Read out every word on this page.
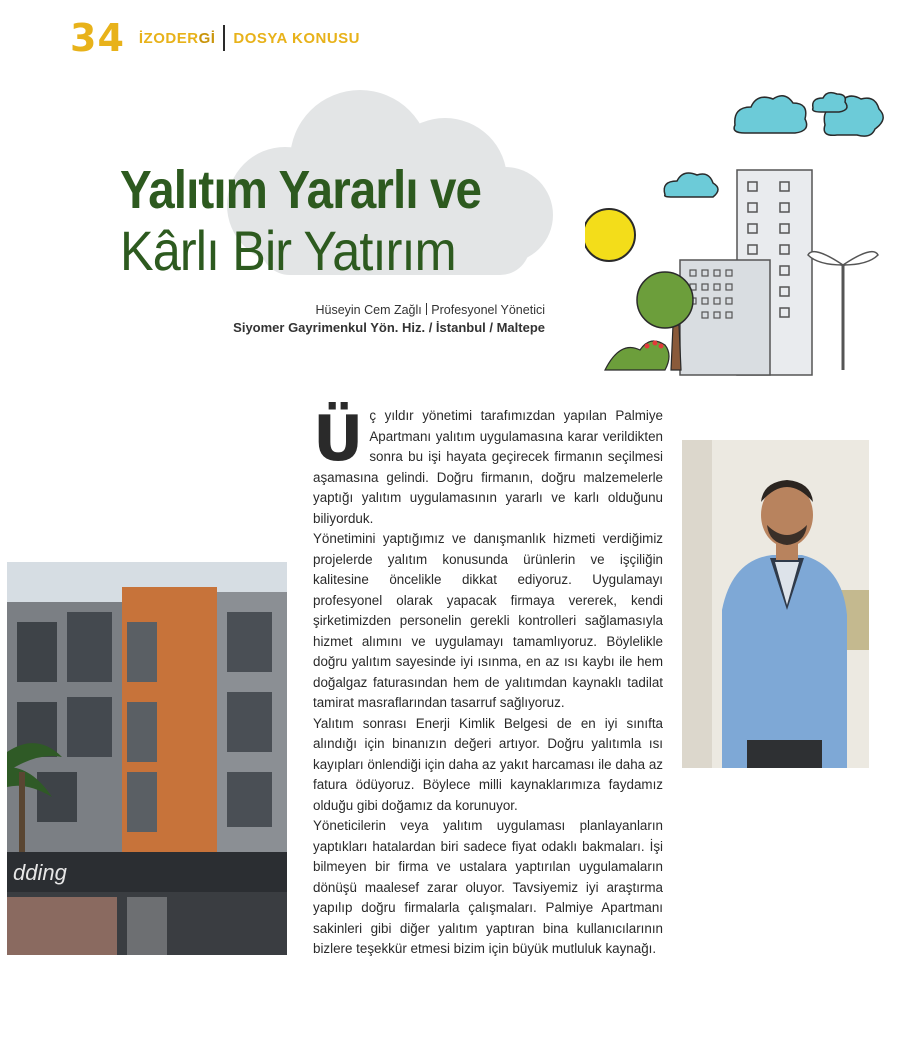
34 İZODERGİ DOSYA KONUSU
Yalıtım Yararlı ve
Kârlı Bir Yatırım
Hüseyin Cem Zağlı Profesyonel Yönetici
Siyomer Gayrimenkul Yön. Hiz. / İstanbul / Maltepe

Üç yıldır yönetimi tarafımızdan yapılan Palmiye Apartmanı yalıtım uygulamasına karar verildikten sonra bu işi hayata geçirecek firmanın seçilmesi aşamasına gelindi. Doğru firmanın, doğru malzemelerle yaptığı yalıtım uygulamasının yararlı ve karlı olduğunu biliyorduk.

Yönetimini yaptığımız ve danışmanlık hizmeti verdiğimiz projelerde yalıtım konusunda ürünlerin ve işçiliğin kalitesine öncelikle dikkat ediyoruz. Uygulamayı profesyonel olarak yapacak firmaya vererek, kendi şirketimizden personelin gerekli kontrolleri sağlamasıyla hizmet alımını ve uygulamayı tamamlıyoruz. Böylelikle doğru yalıtım sayesinde iyi ısınma, en az ısı kaybı ile hem doğalgaz faturasından hem de yalıtımdan kaynaklı tadilat tamirat masraflarından tasarruf sağlıyoruz.

Yalıtım sonrası Enerji Kimlik Belgesi de en iyi sınıfta alındığı için binanızın değeri artıyor. Doğru yalıtımla ısı kayıpları önlendiği için daha az yakıt harcaması ile daha az fatura ödüyoruz. Böylece milli kaynaklarımıza faydamız olduğu gibi doğamız da korunuyor.

Yöneticilerin veya yalıtım uygulaması planlayanların yaptıkları hatalardan biri sadece fiyat odaklı bakmaları. İşi bilmeyen bir firma ve ustalara yaptırılan uygulamaların dönüşü maalesef zarar oluyor. Tavsiyemiz iyi araştırma yapılıp doğru firmalarla çalışmaları. Palmiye Apartmanı sakinleri gibi diğer yalıtım yaptıran bina kullanıcılarının bizlere teşekkür etmesi bizim için büyük mutluluk kaynağı.

dding
